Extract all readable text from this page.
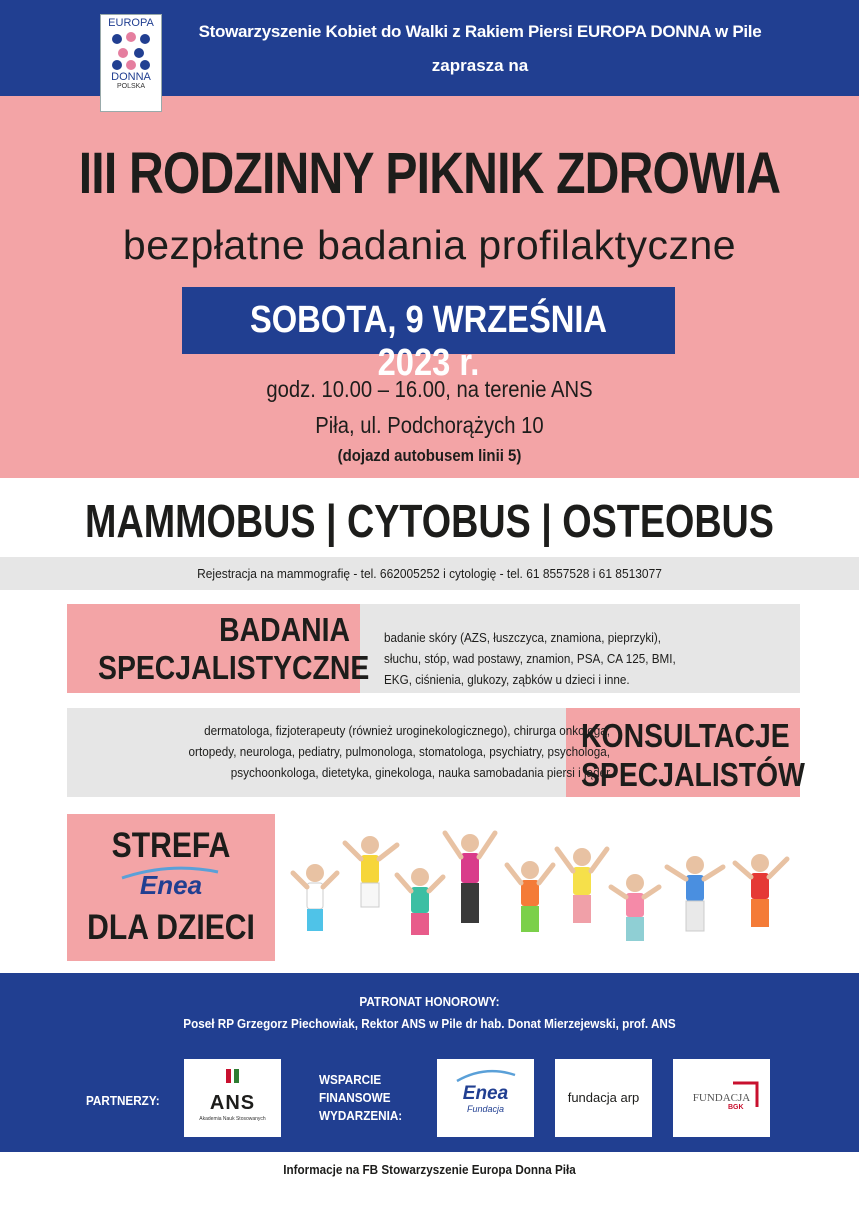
EUROPA
DONNA
POLSKA
Stowarzyszenie Kobiet do Walki z Rakiem Piersi EUROPA DONNA w Pile
zaprasza na
III RODZINNY PIKNIK ZDROWIA
bezpłatne badania profilaktyczne
SOBOTA, 9 WRZEŚNIA 2023 r.
godz. 10.00 – 16.00, na terenie ANS
Piła, ul. Podchorążych 10
(dojazd autobusem linii 5)
MAMMOBUS | CYTOBUS | OSTEOBUS
Rejestracja na mammografię - tel. 662005252 i cytologię - tel. 61 8557528 i 61 8513077
BADANIA
SPECJALISTYCZNE
badanie skóry (AZS, łuszczyca, znamiona, pieprzyki),
słuchu, stóp, wad postawy, znamion, PSA, CA 125, BMI,
EKG, ciśnienia, glukozy, ząbków u dzieci i inne.
KONSULTACJE
SPECJALISTÓW
dermatologa, fizjoterapeuty (również uroginekologicznego), chirurga onkologa,
ortopedy, neurologa, pediatry, pulmonologa, stomatologa, psychiatry, psychologa,
psychoonkologa, dietetyka, ginekologa, nauka samobadania piersi i jąder
STREFA
Enea
DLA DZIECI
PATRONAT HONOROWY:
Poseł RP Grzegorz Piechowiak, Rektor ANS w Pile dr hab. Donat Mierzejewski, prof. ANS
PARTNERZY:	ANS
Akademia Nauk Stosowanych
WSPARCIE
FINANSOWE
WYDARZENIA:
Enea
Fundacja
fundacja arp	FUNDACJA
BGK
Informacje na FB Stowarzyszenie Europa Donna Piła
